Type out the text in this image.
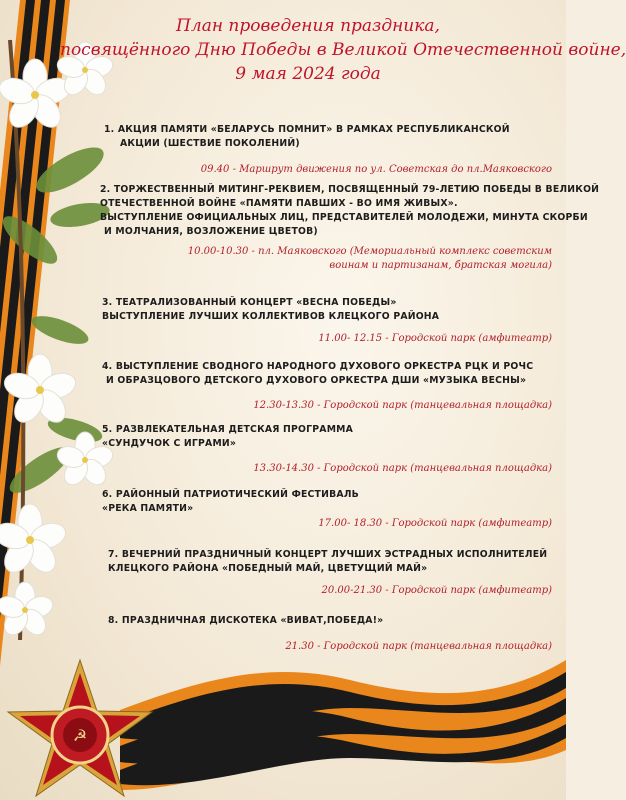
☭
План проведения праздника,
посвящённого Дню Победы в Великой Отечественной войне,
9 мая 2024 года
1. АКЦИЯ ПАМЯТИ «БЕЛАРУСЬ ПОМНИТ» В РАМКАХ РЕСПУБЛИКАНСКОЙ
АКЦИИ (ШЕСТВИЕ ПОКОЛЕНИЙ)
09.40 - Маршрут движения по ул. Советская до пл.Маяковского
2. ТОРЖЕСТВЕННЫЙ МИТИНГ-РЕКВИЕМ, ПОСВЯЩЕННЫЙ 79-ЛЕТИЮ ПОБЕДЫ В ВЕЛИКОЙ
ОТЕЧЕСТВЕННОЙ ВОЙНЕ «ПАМЯТИ ПАВШИХ - ВО ИМЯ ЖИВЫХ».
ВЫСТУПЛЕНИЕ ОФИЦИАЛЬНЫХ ЛИЦ, ПРЕДСТАВИТЕЛЕЙ МОЛОДЕЖИ, МИНУТА СКОРБИ
И МОЛЧАНИЯ, ВОЗЛОЖЕНИЕ ЦВЕТОВ)
10.00-10.30 - пл. Маяковского (Мемориальный комплекс советским
воинам и партизанам, братская могила)
3. ТЕАТРАЛИЗОВАННЫЙ КОНЦЕРТ «ВЕСНА ПОБЕДЫ»
ВЫСТУПЛЕНИЕ ЛУЧШИХ КОЛЛЕКТИВОВ КЛЕЦКОГО РАЙОНА
11.00- 12.15 - Городской парк (амфитеатр)
4. ВЫСТУПЛЕНИЕ СВОДНОГО НАРОДНОГО ДУХОВОГО ОРКЕСТРА РЦК И РОЧС
И ОБРАЗЦОВОГО ДЕТСКОГО ДУХОВОГО ОРКЕСТРА ДШИ «МУЗЫКА ВЕСНЫ»
12.30-13.30 - Городской парк (танцевальная площадка)
5. РАЗВЛЕКАТЕЛЬНАЯ ДЕТСКАЯ ПРОГРАММА
«СУНДУЧОК С ИГРАМИ»
13.30-14.30 - Городской парк (танцевальная площадка)
6. РАЙОННЫЙ ПАТРИОТИЧЕСКИЙ ФЕСТИВАЛЬ
«РЕКА ПАМЯТИ»
17.00- 18.30 - Городской парк (амфитеатр)
7. ВЕЧЕРНИЙ ПРАЗДНИЧНЫЙ КОНЦЕРТ ЛУЧШИХ ЭСТРАДНЫХ ИСПОЛНИТЕЛЕЙ
КЛЕЦКОГО РАЙОНА «ПОБЕДНЫЙ МАЙ, ЦВЕТУЩИЙ МАЙ»
20.00-21.30 - Городской парк (амфитеатр)
8. ПРАЗДНИЧНАЯ ДИСКОТЕКА «ВИВАТ,ПОБЕДА!»
21.30 - Городской парк (танцевальная площадка)
